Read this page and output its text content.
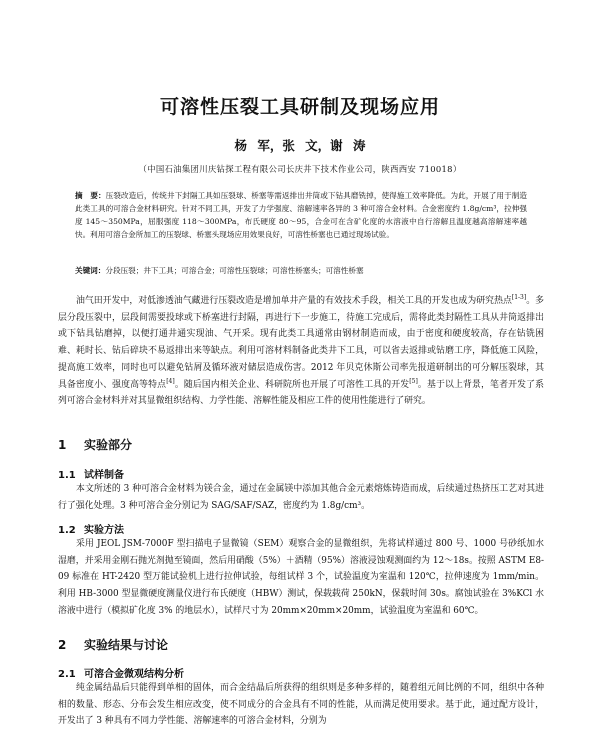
可溶性压裂工具研制及现场应用
杨 军，张 文，谢 涛
（中国石油集团川庆钻探工程有限公司长庆井下技术作业公司，陕西西安 710018）
摘　要：压裂改造后，传统井下封隔工具如压裂球、桥塞等需返排出井筒或下钻具磨铣掉，使得施工效率降低。为此，开展了用于制造此类工具的可溶合金材料研究。针对不同工具，开发了力学强度、溶解速率各异的 3 种可溶合金材料。合金密度约 1.8g/cm³，拉伸强度 145～350MPa，屈服强度 118～300MPa，布氏硬度 80～95，合金可在含矿化度的水溶液中自行溶解且温度越高溶解速率越快。利用可溶合金所加工的压裂球、桥塞头现场应用效果良好，可溶性桥塞也已通过现场试验。
关键词：分段压裂；井下工具；可溶合金；可溶性压裂球；可溶性桥塞头；可溶性桥塞
油气田开发中，对低渗透油气藏进行压裂改造是增加单井产量的有效技术手段，相关工具的开发也成为研究热点[1-3]。多层分段压裂中，层段间需要投球或下桥塞进行封隔，再进行下一步施工，待施工完成后，需将此类封隔性工具从井筒返排出或下钻具钻磨掉，以便打通井通实现油、气开采。现有此类工具通常由钢材制造而成，由于密度和硬度较高，存在钻铣困难、耗时长、钻后碎块不易返排出来等缺点。利用可溶材料制备此类井下工具，可以省去返排或钻磨工序，降低施工风险，提高施工效率，同时也可以避免钻屑及循环液对储层造成伤害。2012 年贝克休斯公司率先报道研制出的可分解压裂球，其具备密度小、强度高等特点[4]。随后国内相关企业、科研院所也开展了可溶性工具的开发[5]。基于以上背景，笔者开发了系列可溶合金材料并对其显微组织结构、力学性能、溶解性能及相应工件的使用性能进行了研究。
1 实验部分
1.1 试样制备
本文所述的 3 种可溶合金材料为镁合金，通过在金属镁中添加其他合金元素熔炼铸造而成，后续通过热挤压工艺对其进行了强化处理。3 种可溶合金分别记为 SAG/SAF/SAZ，密度约为 1.8g/cm³。
1.2 实验方法
采用 JEOL JSM-7000F 型扫描电子显微镜（SEM）观察合金的显微组织，先将试样通过 800 号、1000 号砂纸加水湿磨，并采用金刚石抛光剂抛至镜面，然后用硝酸（5%）＋酒精（95%）溶液浸蚀观测面约为 12～18s。按照 ASTM E8-09 标准在 HT-2420 型万能试验机上进行拉伸试验，每组试样 3 个，试验温度为室温和 120℃，拉伸速度为 1mm/min。利用 HB-3000 型显微硬度测量仪进行布氏硬度（HBW）测试，保载载荷 250kN，保载时间 30s。腐蚀试验在 3%KCl 水溶液中进行（模拟矿化度 3% 的地层水），试样尺寸为 20mm×20mm×20mm，试验温度为室温和 60℃。
2 实验结果与讨论
2.1 可溶合金微观结构分析
纯金属结晶后只能得到单相的固体，而合金结晶后所获得的组织则是多种多样的，随着组元间比例的不同，组织中各种相的数量、形态、分布会发生相应改变，使不同成分的合金具有不同的性能，从而满足使用要求。基于此，通过配方设计，开发出了 3 种具有不同力学性能、溶解速率的可溶合金材料，分别为
